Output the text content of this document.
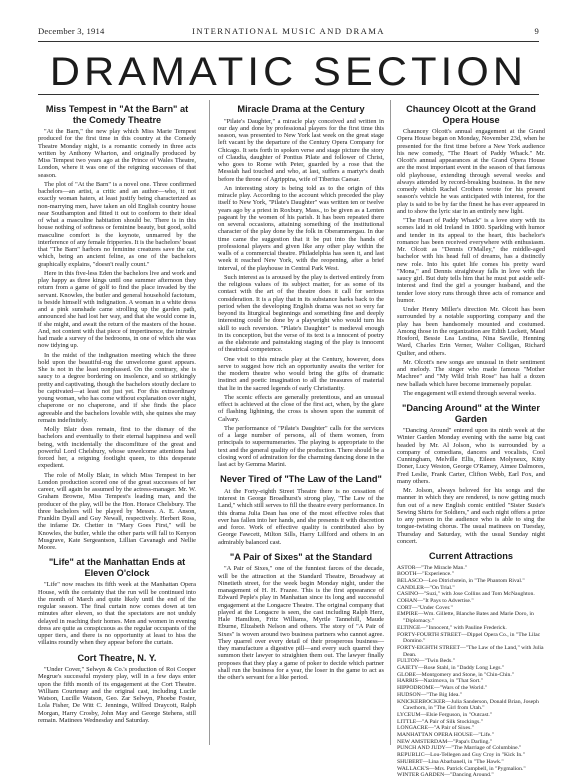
December 3, 1914	INTERNATIONAL MUSIC AND DRAMA	9
DRAMATIC SECTION
Miss Tempest in "At the Barn" at the Comedy Theatre

"At the Barn," the new play which Miss Marie Tempest produced for the first time in this country at the Comedy Theatre Monday night, is a romantic comedy in three acts written by Anthony Wharton, and originally produced by Miss Tempest two years ago at the Prince of Wales Theatre, London, where it was one of the reigning successes of that season.

The plot of "At the Barn" is a novel one. Three confirmed bachelors—an artist, a critic and an author—who, it not exactly woman haters, at least justify being characterized as non-marrying men, have taken an old English country house near Southampton and fitted it out to conform to their ideal of what a masculine habitation should be. There is in this house nothing of softness or feminine beauty, but good, solid masculine comfort is the keynote, unmarred by the interference of any female fripperies. It is the bachelors' boast that "The Barn" harbors no feminine creatures save the cat, which, being an ancient feline, as one of the bachelors graphically explains, "doesn't really count."

Here in this five-less Eden the bachelors live and work and play happy as three kings until one summer afternoon they return from a game of golf to find the place invaded by the servant. Knowles, the butler and general household factotum, is beside himself with indignation. A woman in a white dress and a pink sunshade came strolling up the garden path, announced she had lost her way, and that she would come in, if she might, and await the return of the masters of the house. And, not content with that piece of impertinence, the intruder had made a survey of the bedrooms, in one of which she was now tidying up.

In the midst of the indignation meeting which the three hold upon the beautiful-rug the unwelcome guest appears. She is not in the least nonplussed. On the contrary, she is saucy to a degree bordering on insolence, and so strikingly pretty and captivating, though the bachelors stoutly declare to be captivated—at least not just yet. For this extraordinary young woman, who has come without explanation over night, chaperone or no chaperone, and if she finds the place agreeable and the bachelors lovable with, she quines she may remain indefinitely.

Molly Blair does remain, first to the dismay of the bachelors and eventually to their eternal happiness and well being, with incidentally the discomfiture of the great and powerful Lord Chelsbury, whose unwelcome attentions had forced her, a reigning footlight queen, to this desperate expedient.

The role of Molly Blair, in which Miss Tempest in her London production scored one of the great successes of her career, will again be assumed by the actress-manager. Mr. W. Graham Browne, Miss Tempest's leading man, and the producer of the play, will be the Hon. Horace Chelsbury. The three bachelors will be played by Messrs. A. E. Anson, Franklin Dyall and Guy Newall, respectively. Herbert Ross, the infame Dr. Chetter in "Mary Goes First," will be Knowles, the butler, while the other parts will fall to Kenyon Musgrave, Kate Sergeantson, Lillian Cavanagh and Nellie Moore.

"Life" at the Manhattan Ends at Eleven O'clock

"Life" now reaches its fifth week at the Manhattan Opera House, with the certainty that the run will be continued into the month of March and quite likely until the end of the regular season. The final curtain now comes down at ten minutes after eleven, so that the spectators are not unduly delayed in reaching their homes. Men and women in evening dress are quite as conspicuous as the regular occupants of the upper tiers, and there is no opportunity at least to hiss the villains roundly when they appear before the curtain.

Cort Theatre, N. Y.

"Under Cover," Selwyn & Co.'s production of Roi Cooper Megrue's successful mystery play, will in a few days enter upon the fifth month of its engagement at the Cort Theatre. William Courtenay and the original cast, including Lucile Watson, Lucille Watson, Geo. Zar Selwyn, Phoebe Foster, Lola Fisher, De Witt C. Jennings, Wilfred Draycott, Ralph Morgan, Harry Crosby, John May and George Stehens, still remain. Matinees Wednesday and Saturday.

Miracle Drama at the Century

"Pilate's Daughter," a miracle play conceived and written in our day and done by professional players for the first time this season, was presented to New York last week on the great stage left vacant by the departure of the Century Opera Company for Chicago. It sets forth in spoken verse and stage picture the story of Claudia, daughter of Pontius Pilate and follower of Christ, who goes to Rome with Peter, guarded by a rose that the Messiah had touched and who, at last, suffers a martyr's death before the throne of Agrippina, wife of Tiberius Caesar.

An interesting story is being told as to the origin of this miracle play. According to the account which preceded the play itself to New York, "Pilate's Daughter" was written ten or twelve years ago by a priest in Roxbury, Mass., to be given as a Lenten pageant by the women of his parish. It has been repeated there on several occasions, attaining something of the institutional character of the play done by the folk in Oberammergau. In due time came the suggestion that it be put into the hands of professional players and given like any other play within the walls of a commercial theatre. Philadelphia has seen it, and last week it reached New York, with the reopening, after a brief interval, of the playhouse in Central Park West.

Such interest as is aroused by the play is derived entirely from the religious values of its subject matter, for as some of its contact with the art of the theatre does it call for serious consideration. It is a play that in its substance harks back to the period when the developing English drama was not so very far beyond its liturgical beginnings and something fine and deeply interesting could be done by a playwright who would turn his skill to such reversion. "Pilate's Daughter" is medieval enough in its conception, but the verse of its text is a innocent of poetry as the elaborate and painstaking staging of the play is innocent of theatrical competence.

One visit to this miracle play at the Century, however, does serve to suggest how rich an opportunity awaits the writer for the modern theatre who would bring the gifts of dramatic instinct and poetic imagination to all the treasures of material that lie in the sacred legends of early Christianity.

The scenic effects are generally pretentious, and an unusual effect is achieved at the close of the first act, when, by the glare of flashing lightning, the cross is shown upon the summit of Calvary.

The performance of "Pilate's Daughter" calls for the services of a large number of persons, all of them women, from principals to supernumeraries. The playing is appropriate to the text and the general quality of the production. There should be a closing word of admiration for the charming dancing done in the last act by Gemma Marini.

Never Tired of "The Law of the Land"

At the Forty-eighth Street Theatre there is no cessation of interest in George Broadhurst's strong play, "The Law of the Land," which still serves to fill the theatre every performance. In this drama Julia Dean has one of the most effective roles that ever has fallen into her hands, and she presents it with discretion and force. Work of effective quality is contributed also by George Fawcett, Milton Sills, Harry Lillford and others in an admirably balanced cast.

"A Pair of Sixes" at the Standard

"A Pair of Sixes," one of the funniest farces of the decade, will be the attraction at the Standard Theatre, Broadway at Ninetieth street, for the week begin Monday night, under the management of H. H. Frazee. This is the first appearance of Edward Peple's play in Manhattan since its long and successful engagement at the Longacre Theatre. The original company that played at the Longacre is seen, the cast including Ralph Herz, Hale Hamilton, Fritz Williams, Myrtle Tannehill, Maude Eburne, Elizabeth Nelson and others. The story of "A Pair of Sixes" is woven around two business partners who cannot agree. They quarrel over every detail of their prosperous business—they manufacture a digestive pill—and every such quarrel they summon their lawyer to straighten them out. The lawyer finally proposes that they play a game of poker to decide which partner shall run the business for a year, the loser in the game to act as the other's servant for a like period.

Chauncey Olcott at the Grand Opera House

Chauncey Olcott's annual engagement at the Grand Opera House began on Monday, November 23d, when he presented for the first time before a New York audience his new comedy, "The Heart of Paddy Whack." Mr. Olcott's annual appearances at the Grand Opera House are the most important event in the season of that famous old playhouse, extending through several weeks and always attended by record-breaking business. In the new comedy which Rachel Crothers wrote for his present season's vehicle he was anticipated with interest, for the play is said to be by far the finest he has ever appeared in and to show the lyric star in an entirely new light.

"The Heart of Paddy Whack" is a love story with its scenes laid in old Ireland in 1800. Sparkling with humor and tender in its appeal to the heart, this bachelor's romance has been received everywhere with enthusiasm. Mr. Olcott as "Dennis O'Malley," the middle-aged bachelor with his head full of dreams, has a distinctly new role. Into his quiet life comes his pretty ward "Mona," and Dennis straightway falls in love with the saucy girl. But duty tells him that he must put aside self-interest and find the girl a younger husband, and the tender love story runs through three acts of romance and humor.

Under Henry Miller's direction Mr. Olcott has been surrounded by a notable supporting company and the play has been handsomely mounted and costumed. Among those in the organization are Edith Luckett, Maud Hosford, Bessie Lea Lestina, Nina Saville, Henning Ward, Charles Erin Verner, Walter Colligan, Richard Quilter, and others.

Mr. Olcott's new songs are unusual in their sentiment and melody. The singer who made famous "Mother Machree" and "My Wild Irish Rose" has half a dozen new ballads which have become immensely popular.

The engagement will extend through several weeks.

"Dancing Around" at the Winter Garden

"Dancing Around" entered upon its ninth week at the Winter Garden Monday evening with the same big cast headed by Mr. Al Jolson, who is surrounded by a company of comedians, dancers and vocalists, Cool Cunningham, Melville Ellis, Eileen Molyneux, Kitty Doner, Lucy Weston, George O'Ramey, Aimee Dalmores, Fred Leslie, Frank Carter, Clifton Webb, Earl Fox, and many others.

Mr. Jolson, always beloved for his songs and the manner in which they are rendered, is now getting much fun out of a new English comic entitled "Sister Susie's Sewing Shirts for Soldiers," and each night offers a prize to any person in the audience who is able to sing the tongue-twisting chorus. The usual matinees on Tuesday, Thursday and Saturday, with the usual Sunday night concert.

Current Attractions
ASTOR—"The Miracle Man."
BOOTH—"Experience."
BELASCO—Leo Ditrichstein, in "The Phantom Rival."
CANDLER—"On Trial."
CASINO—"Suzi," with Jose Collins and Tom McNaughton.
COHAN—"It Pays to Advertise."
CORT—"Under Cover."
EMPIRE—Wm. Gillette, Blanche Bates and Marie Doro, in "Diplomacy."
ELTINGE—"Innocent," with Pauline Frederick.
FORTY-FOURTH STREET—Dippel Opera Co., in "The Lilac Domino."
FORTY-EIGHTH STREET—"The Law of the Land," with Julia Dean.
FULTON—"Twin Beds."
GAIETY—Rose Stahl, in "Daddy Long Legs."
GLOBE—Montgomery and Stone, in "Chin-Chin."
HARRIS—Nazimova, in "That Sort."
HIPPODROME—"Wars of the World."
HUDSON—"The Big Idea."
KNICKERBOCKER—Julia Sanderson, Donald Brian, Joseph Cawthorn, in "The Girl from Utah."
LYCEUM—Elsie Ferguson, in "Outcast."
LITTLE—"A Pair of Silk Stockings."
LONGACRE—"A Pair of Sixes."
MANHATTAN OPERA HOUSE—"Life."
NEW AMSTERDAM—"Papa's Darling."
PUNCH AND JUDY—"The Marriage of Columbine."
REPUBLIC—Lou-Tellegen and Guy Croy in "Kick In."
SHUBERT—Lina Abarbanell, in "The Hawk."
WALLACK'S—Mrs. Patrick Campbell, in "Pygmalion."
WINTER GARDEN—"Dancing Around."
